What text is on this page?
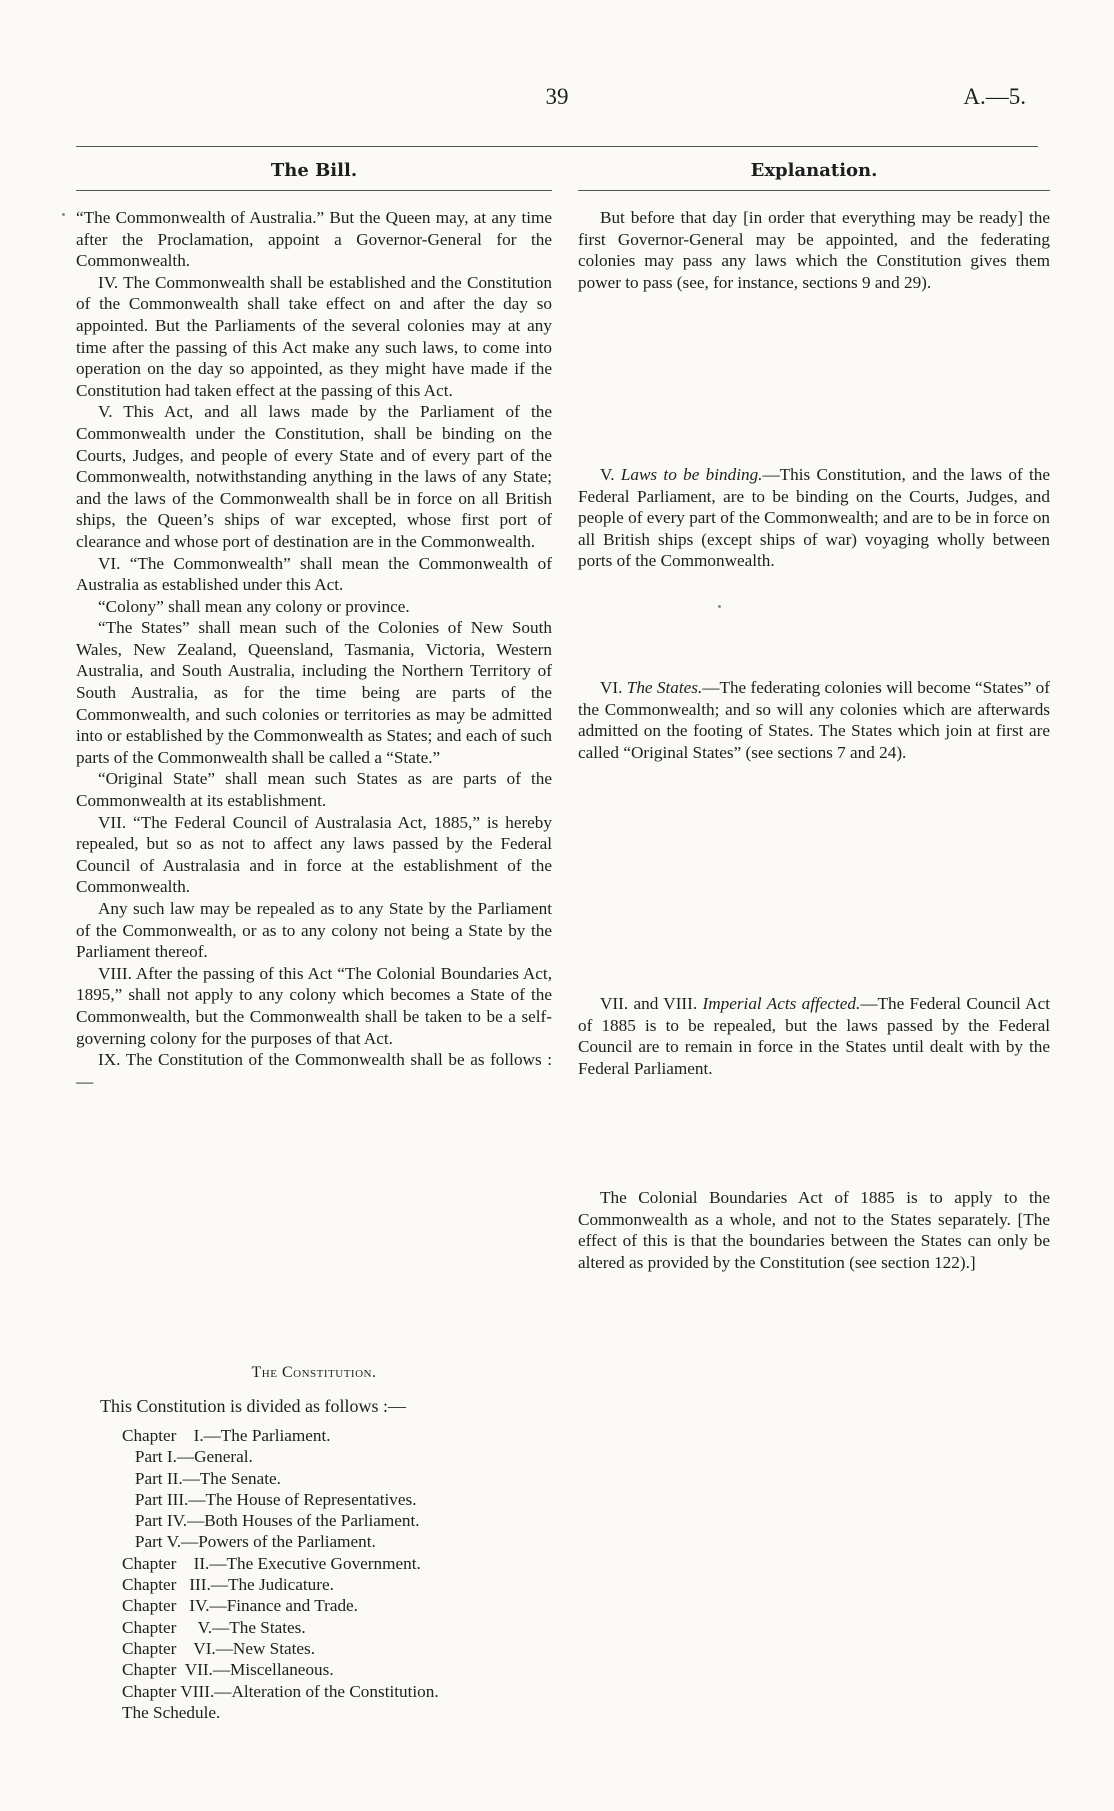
39	A.—5.
The Bill.	Explanation.

“The Commonwealth of Australia.” But the Queen may, at any time after the Proclamation, appoint a Governor-General for the Commonwealth.

IV. The Commonwealth shall be established and the Constitution of the Commonwealth shall take effect on and after the day so appointed. But the Parliaments of the several colonies may at any time after the passing of this Act make any such laws, to come into operation on the day so appointed, as they might have made if the Constitution had taken effect at the passing of this Act.

V. This Act, and all laws made by the Parliament of the Commonwealth under the Constitution, shall be binding on the Courts, Judges, and people of every State and of every part of the Commonwealth, notwithstanding anything in the laws of any State; and the laws of the Commonwealth shall be in force on all British ships, the Queen’s ships of war excepted, whose first port of clearance and whose port of destination are in the Commonwealth.

VI. “The Commonwealth” shall mean the Commonwealth of Australia as established under this Act.

“Colony” shall mean any colony or province.

“The States” shall mean such of the Colonies of New South Wales, New Zealand, Queensland, Tasmania, Victoria, Western Australia, and South Australia, including the Northern Territory of South Australia, as for the time being are parts of the Commonwealth, and such colonies or territories as may be admitted into or established by the Commonwealth as States; and each of such parts of the Commonwealth shall be called a “State.”

“Original State” shall mean such States as are parts of the Commonwealth at its establishment.

VII. “The Federal Council of Australasia Act, 1885,” is hereby repealed, but so as not to affect any laws passed by the Federal Council of Australasia and in force at the establishment of the Commonwealth.

Any such law may be repealed as to any State by the Parliament of the Commonwealth, or as to any colony not being a State by the Parliament thereof.

VIII. After the passing of this Act “The Colonial Boundaries Act, 1895,” shall not apply to any colony which becomes a State of the Commonwealth, but the Commonwealth shall be taken to be a self-governing colony for the purposes of that Act.

IX. The Constitution of the Commonwealth shall be as follows :—

The Constitution.
This Constitution is divided as follows :—
Chapter    I.—The Parliament.
Part I.—General.
Part II.—The Senate.
Part III.—The House of Representatives.
Part IV.—Both Houses of the Parliament.
Part V.—Powers of the Parliament.
Chapter    II.—The Executive Government.
Chapter   III.—The Judicature.
Chapter   IV.—Finance and Trade.
Chapter     V.—The States.
Chapter    VI.—New States.
Chapter  VII.—Miscellaneous.
Chapter VIII.—Alteration of the Constitution.
The Schedule.

But before that day [in order that everything may be ready] the first Governor-General may be appointed, and the federating colonies may pass any laws which the Constitution gives them power to pass (see, for instance, sections 9 and 29).

V. Laws to be binding.—This Constitution, and the laws of the Federal Parliament, are to be binding on the Courts, Judges, and people of every part of the Commonwealth; and are to be in force on all British ships (except ships of war) voyaging wholly between ports of the Commonwealth.

VI. The States.—The federating colonies will become “States” of the Commonwealth; and so will any colonies which are afterwards admitted on the footing of States. The States which join at first are called “Original States” (see sections 7 and 24).

VII. and VIII. Imperial Acts affected.—The Federal Council Act of 1885 is to be repealed, but the laws passed by the Federal Council are to remain in force in the States until dealt with by the Federal Parliament.

The Colonial Boundaries Act of 1885 is to apply to the Commonwealth as a whole, and not to the States separately. [The effect of this is that the boundaries between the States can only be altered as provided by the Constitution (see section 122).]
